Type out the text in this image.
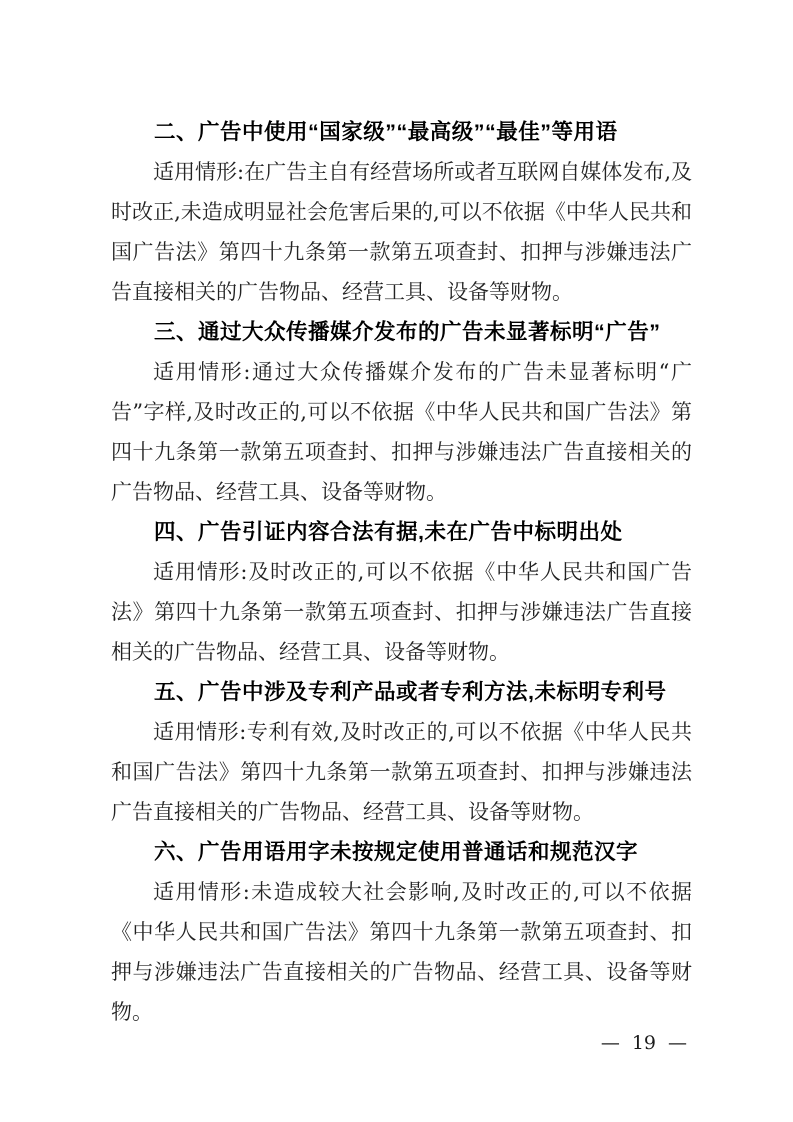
二、广告中使用“国家级”“最高级”“最佳”等用语

适用情形:在广告主自有经营场所或者互联网自媒体发布,及时改正,未造成明显社会危害后果的,可以不依据《中华人民共和国广告法》第四十九条第一款第五项查封、扣押与涉嫌违法广告直接相关的广告物品、经营工具、设备等财物。

三、通过大众传播媒介发布的广告未显著标明“广告”

适用情形:通过大众传播媒介发布的广告未显著标明“广告”字样,及时改正的,可以不依据《中华人民共和国广告法》第四十九条第一款第五项查封、扣押与涉嫌违法广告直接相关的广告物品、经营工具、设备等财物。

四、广告引证内容合法有据,未在广告中标明出处

适用情形:及时改正的,可以不依据《中华人民共和国广告法》第四十九条第一款第五项查封、扣押与涉嫌违法广告直接相关的广告物品、经营工具、设备等财物。

五、广告中涉及专利产品或者专利方法,未标明专利号

适用情形:专利有效,及时改正的,可以不依据《中华人民共和国广告法》第四十九条第一款第五项查封、扣押与涉嫌违法广告直接相关的广告物品、经营工具、设备等财物。

六、广告用语用字未按规定使用普通话和规范汉字

适用情形:未造成较大社会影响,及时改正的,可以不依据《中华人民共和国广告法》第四十九条第一款第五项查封、扣押与涉嫌违法广告直接相关的广告物品、经营工具、设备等财物。

— 19 —
